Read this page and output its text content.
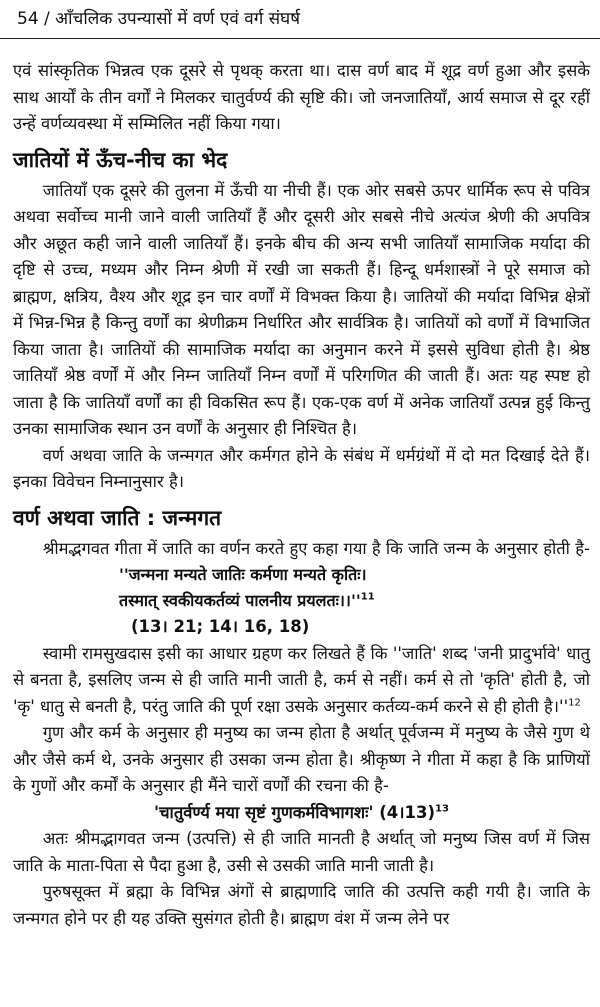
54 / आँचलिक उपन्यासों में वर्ण एवं वर्ग संघर्ष

एवं सांस्कृतिक भिन्नत्व एक दूसरे से पृथक् करता था। दास वर्ण बाद में शूद्र वर्ण हुआ और इसके साथ आर्यों के तीन वर्गों ने मिलकर चातुर्वर्ण्य की सृष्टि की। जो जनजातियाँ, आर्य समाज से दूर रहीं उन्हें वर्णव्यवस्था में सम्मिलित नहीं किया गया।

जातियों में ऊँच-नीच का भेद

जातियाँ एक दूसरे की तुलना में ऊँची या नीची हैं। एक ओर सबसे ऊपर धार्मिक रूप से पवित्र अथवा सर्वोच्च मानी जाने वाली जातियाँ हैं और दूसरी ओर सबसे नीचे अत्यंज श्रेणी की अपवित्र और अछूत कही जाने वाली जातियाँ हैं। इनके बीच की अन्य सभी जातियाँ सामाजिक मर्यादा की दृष्टि से उच्च, मध्यम और निम्न श्रेणी में रखी जा सकती हैं। हिन्दू धर्मशास्त्रों ने पूरे समाज को ब्राह्मण, क्षत्रिय, वैश्य और शूद्र इन चार वर्णों में विभक्त किया है। जातियों की मर्यादा विभिन्न क्षेत्रों में भिन्न-भिन्न है किन्तु वर्णों का श्रेणीक्रम निर्धारित और सार्वत्रिक है। जातियों को वर्णों में विभाजित किया जाता है। जातियों की सामाजिक मर्यादा का अनुमान करने में इससे सुविधा होती है। श्रेष्ठ जातियाँ श्रेष्ठ वर्णों में और निम्न जातियाँ निम्न वर्णों में परिगणित की जाती हैं। अतः यह स्पष्ट हो जाता है कि जातियाँ वर्णों का ही विकसित रूप हैं। एक-एक वर्ण में अनेक जातियाँ उत्पन्न हुई किन्तु उनका सामाजिक स्थान उन वर्णों के अनुसार ही निश्चित है।

वर्ण अथवा जाति के जन्मगत और कर्मगत होने के संबंध में धर्मग्रंथों में दो मत दिखाई देते हैं। इनका विवेचन निम्नानुसार है।

वर्ण अथवा जाति : जन्मगत

श्रीमद्भगवत गीता में जाति का वर्णन करते हुए कहा गया है कि जाति जन्म के अनुसार होती है-

''जन्मना मन्यते जातिः कर्मणा मन्यते कृतिः।

तस्मात् स्वकीयकर्तव्यं पालनीय $प्रयलतः।।''^{11}$

(13। 21; 14। 16, 18)

स्वामी रामसुखदास इसी का आधार ग्रहण कर लिखते हैं कि ''जाति' शब्द 'जनी प्रादुर्भावे' धातु से बनता है, इसलिए जन्म से ही जाति मानी जाती है, कर्म से नहीं। कर्म से तो 'कृति' होती है, जो 'कृ' धातु से बनती है, परंतु जाति की पूर्ण रक्षा उसके अनुसार कर्तव्य-कर्म करने से ही होती $है।''^{12}$

गुण और कर्म के अनुसार ही मनुष्य का जन्म होता है अर्थात् पूर्वजन्म में मनुष्य के जैसे गुण थे और जैसे कर्म थे, उनके अनुसार ही उसका जन्म होता है। श्रीकृष्ण ने गीता में कहा है कि प्राणियों के गुणों और कर्मों के अनुसार ही मैंने चारों वर्णों की रचना की है-

'चातुर्वर्ण्य मया सृष्टं गुणकर्मविभागशः' (4।13)$^{13}$

अतः श्रीमद्भागवत जन्म (उत्पत्ति) से ही जाति मानती है अर्थात् जो मनुष्य जिस वर्ण में जिस जाति के माता-पिता से पैदा हुआ है, उसी से उसकी जाति मानी जाती है।

पुरुषसूक्त में ब्रह्मा के विभिन्न अंगों से ब्राह्मणादि जाति की उत्पत्ति कही गयी है। जाति के जन्मगत होने पर ही यह उक्ति सुसंगत होती है। ब्राह्मण वंश में जन्म लेने पर
